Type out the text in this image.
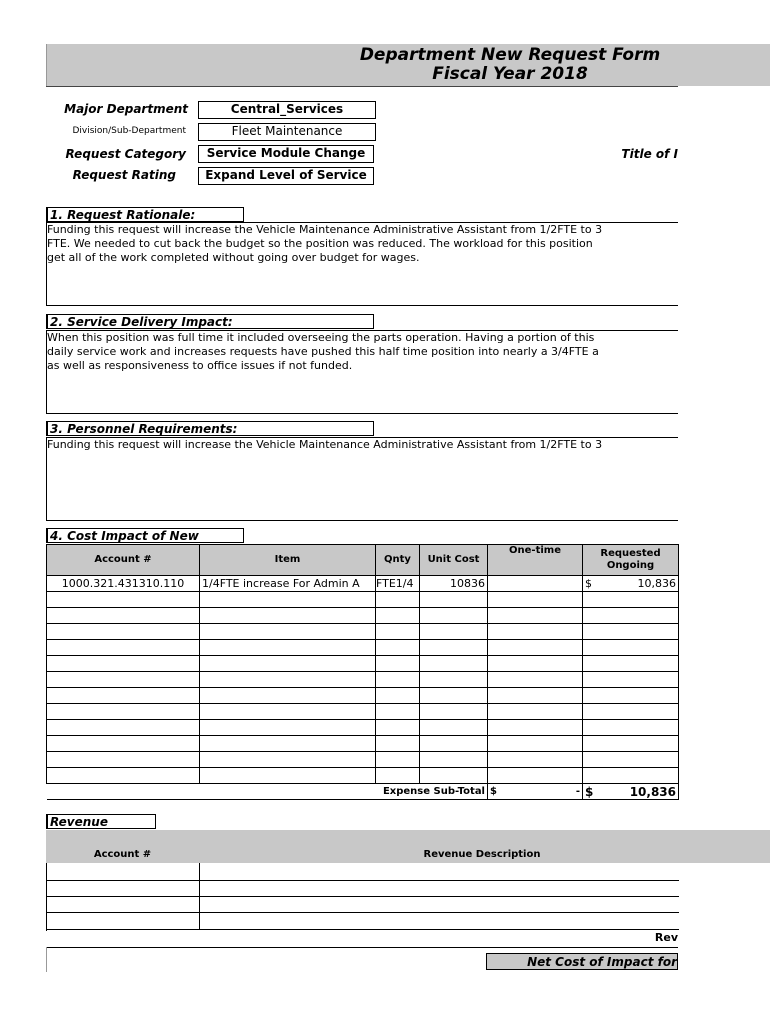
Department New Request Form
Fiscal Year 2018
Major Department	Central_Services
Division/Sub-Department	Fleet Maintenance
Request Category	Service Module Change
Request Rating	Expand Level of Service
Title of I
1. Request Rationale:

Funding this request will increase the Vehicle Maintenance Administrative Assistant from 1/2FTE to 3

FTE. We needed to cut back the budget so the position was reduced. The workload for this position

get all of the work completed without going over budget for wages.

2. Service Delivery Impact:

When this position was full time it included overseeing the parts operation. Having a portion of this

daily service work and increases requests have pushed this half time position into nearly a 3/4FTE a

as well as responsiveness to office issues if not funded.

3. Personnel Requirements:

Funding this request will increase the Vehicle Maintenance Administrative Assistant from 1/2FTE to 3

4. Cost Impact of New
Account #	Item	Qnty	Unit Cost	One-time	Requested Ongoing
1000.321.431310.110	1/4FTE increase For Admin A	FTE1/4	10836		$ 10,836

Expense Sub-Total				$ -	$ 10,836
Revenue
Account #	Revenue Description
Rev
Net Cost of Impact for
